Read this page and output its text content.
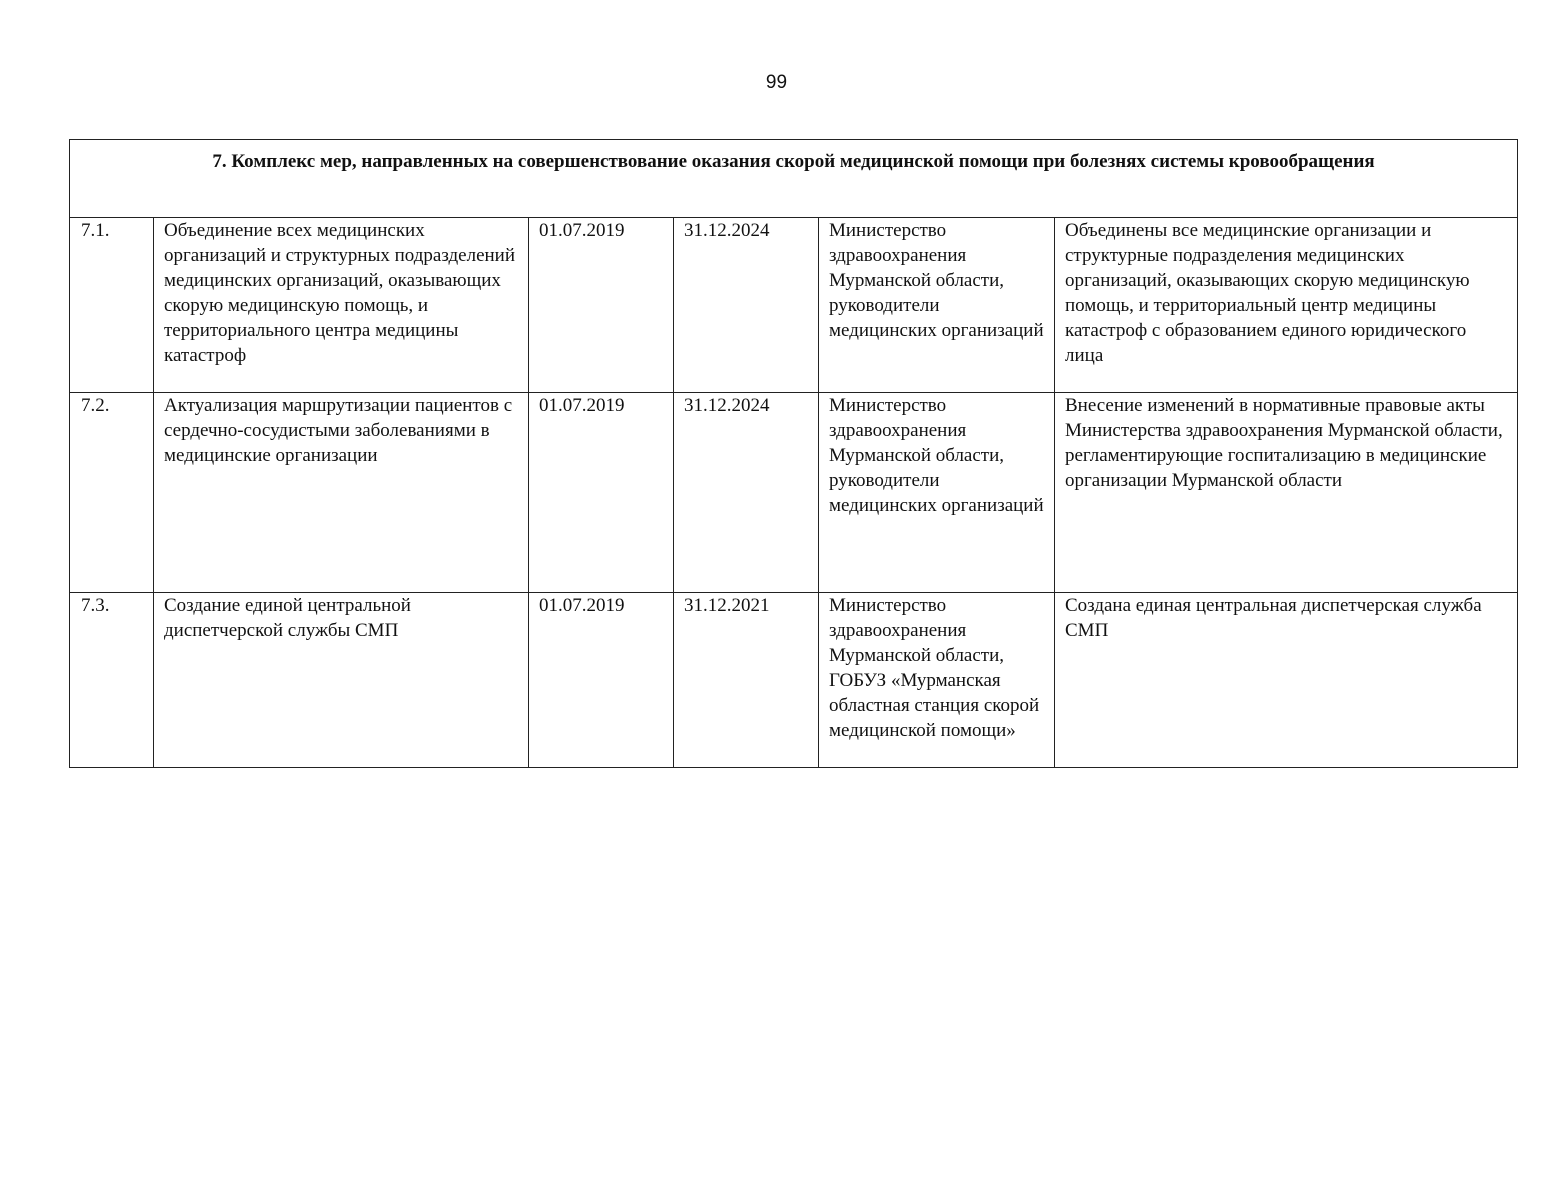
99
7. Комплекс мер, направленных на совершенствование оказания скорой медицинской помощи при болезнях системы кровообращения					
7.1.	Объединение всех медицинских организаций и структурных подразделений медицинских организаций, оказывающих скорую медицинскую помощь, и территориального центра медицины катастроф	01.07.2019	31.12.2024	Министерство здравоохранения Мурманской области, руководители медицинских организаций	Объединены все медицинские организации и структурные подразделения медицинских организаций, оказывающих скорую медицинскую помощь, и территориальный центр медицины катастроф с образованием единого юридического лица
7.2.	Актуализация маршрутизации пациентов с сердечно-сосудистыми заболеваниями в медицинские организации	01.07.2019	31.12.2024	Министерство здравоохранения Мурманской области, руководители медицинских организаций	Внесение изменений в нормативные правовые акты Министерства здравоохранения Мурманской области, регламентирующие госпитализацию в медицинские организации Мурманской области
7.3.	Создание единой центральной диспетчерской службы СМП	01.07.2019	31.12.2021	Министерство здравоохранения Мурманской области, ГОБУЗ «Мурманская областная станция скорой медицинской помощи»	Создана единая центральная диспетчерская служба СМП
